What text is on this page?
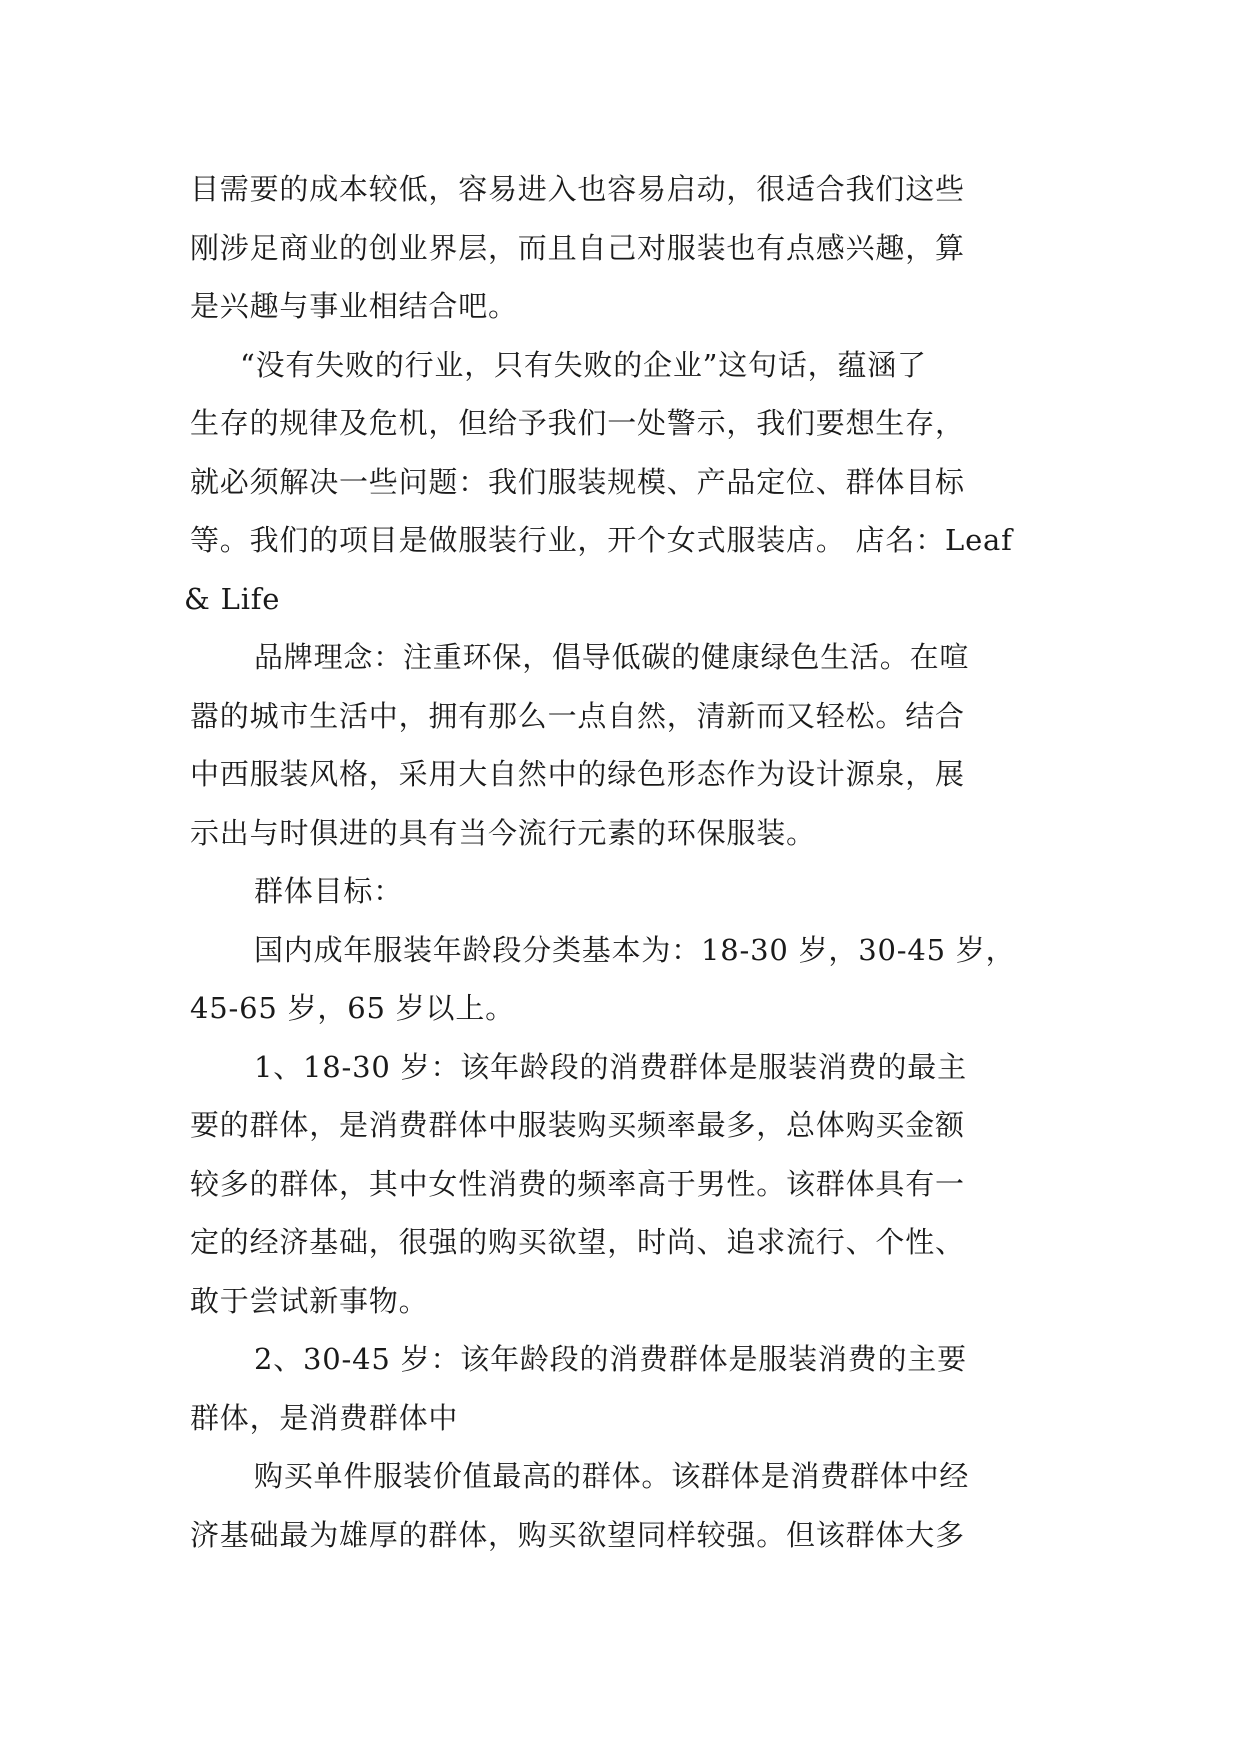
目需要的成本较低，容易进入也容易启动，很适合我们这些
刚涉足商业的创业界层，而且自己对服装也有点感兴趣，算
是兴趣与事业相结合吧。

“没有失败的行业，只有失败的企业”这句话，蕴涵了
生存的规律及危机，但给予我们一处警示，我们要想生存，
就必须解决一些问题：我们服装规模、产品定位、群体目标
等。我们的项目是做服装行业，开个女式服装店。 店名：Leaf
& Life

品牌理念：注重环保，倡导低碳的健康绿色生活。在喧
嚣的城市生活中，拥有那么一点自然，清新而又轻松。结合
中西服装风格，采用大自然中的绿色形态作为设计源泉，展
示出与时俱进的具有当今流行元素的环保服装。

群体目标：

国内成年服装年龄段分类基本为：18-30 岁，30-45 岁，
45-65 岁，65 岁以上。

1、18-30 岁：该年龄段的消费群体是服装消费的最主
要的群体，是消费群体中服装购买频率最多，总体购买金额
较多的群体，其中女性消费的频率高于男性。该群体具有一
定的经济基础，很强的购买欲望，时尚、追求流行、个性、
敢于尝试新事物。

2、30-45 岁：该年龄段的消费群体是服装消费的主要
群体，是消费群体中

购买单件服装价值最高的群体。该群体是消费群体中经
济基础最为雄厚的群体，购买欲望同样较强。但该群体大多
